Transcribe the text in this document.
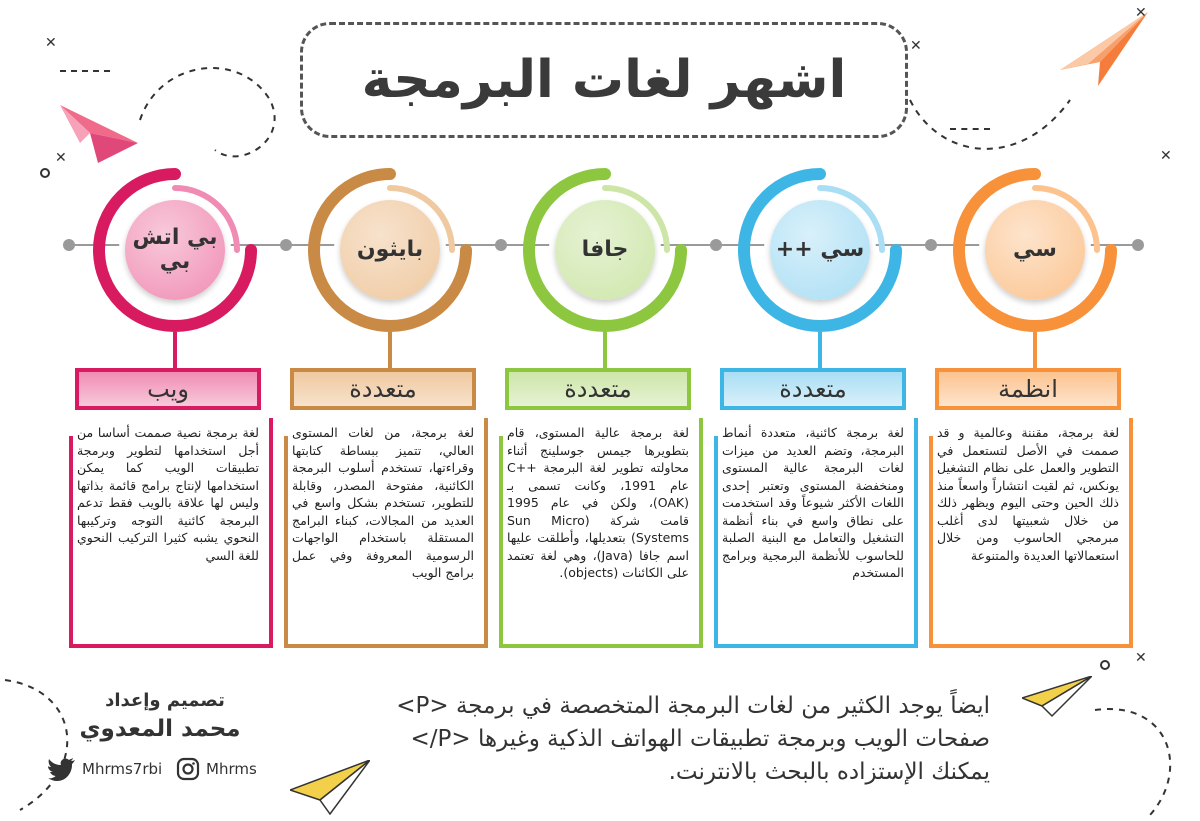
✕
✕
✕
✕
✕
✕
اشهر لغات البرمجة
سي
انظمة
لغة برمجة، مقننة وعالمية و قد صممت في الأصل لتستعمل في التطوير والعمل على نظام التشغيل يونكس، ثم لقيت انتشاراً واسعاً منذ ذلك الحين وحتى اليوم ويظهر ذلك من خلال شعبيتها لدى أغلب مبرمجي الحاسوب ومن خلال استعمالاتها العديدة والمتنوعة
سي ++
متعددة
لغة برمجة كائنية، متعددة أنماط البرمجة، وتضم العديد من ميزات لغات البرمجة عالية المستوى ومنخفضة المستوى وتعتبر إحدى اللغات الأكثر شيوعاً وقد استخدمت على نطاق واسع في بناء أنظمة التشغيل والتعامل مع البنية الصلبة للحاسوب للأنظمة البرمجية وبرامج المستخدم
جافا
متعددة
لغة برمجة عالية المستوى، قام بتطويرها جيمس جوسلينج أثناء محاولته تطوير لغة البرمجة ++C عام 1991، وكانت تسمى بـ (OAK)، ولكن في عام 1995 قامت شركة (Sun Micro Systems) بتعديلها، وأطلقت عليها اسم جافا (Java)، وهي لغة تعتمد على الكائنات (objects).
بايثون
متعددة
لغة برمجة، من لغات المستوى العالي، تتميز ببساطة كتابتها وقراءتها، تستخدم أسلوب البرمجة الكائنية، مفتوحة المصدر، وقابلة للتطوير، تستخدم بشكل واسع في العديد من المجالات، كبناء البرامج المستقلة باستخدام الواجهات الرسومية المعروفة وفي عمل برامج الويب
بي اتش بي
ويب
لغة برمجة نصية صممت أساسا من أجل استخدامها لتطوير وبرمجة تطبيقات الويب كما يمكن استخدامها لإنتاج برامج قائمة بذاتها وليس لها علاقة بالويب فقط تدعم البرمجة كائنية التوجه وتركيبها النحوي يشبه كثيرا التركيب النحوي للغة السي
ايضاً يوجد الكثير من لغات البرمجة المتخصصة في برمجة <P> صفحات الويب وبرمجة تطبيقات الهواتف الذكية وغيرها <P/> يمكنك الإستزاده بالبحث بالانترنت.
تصميم وإعداد
محمد المعدوي
Mhrms7rbi	Mhrms
